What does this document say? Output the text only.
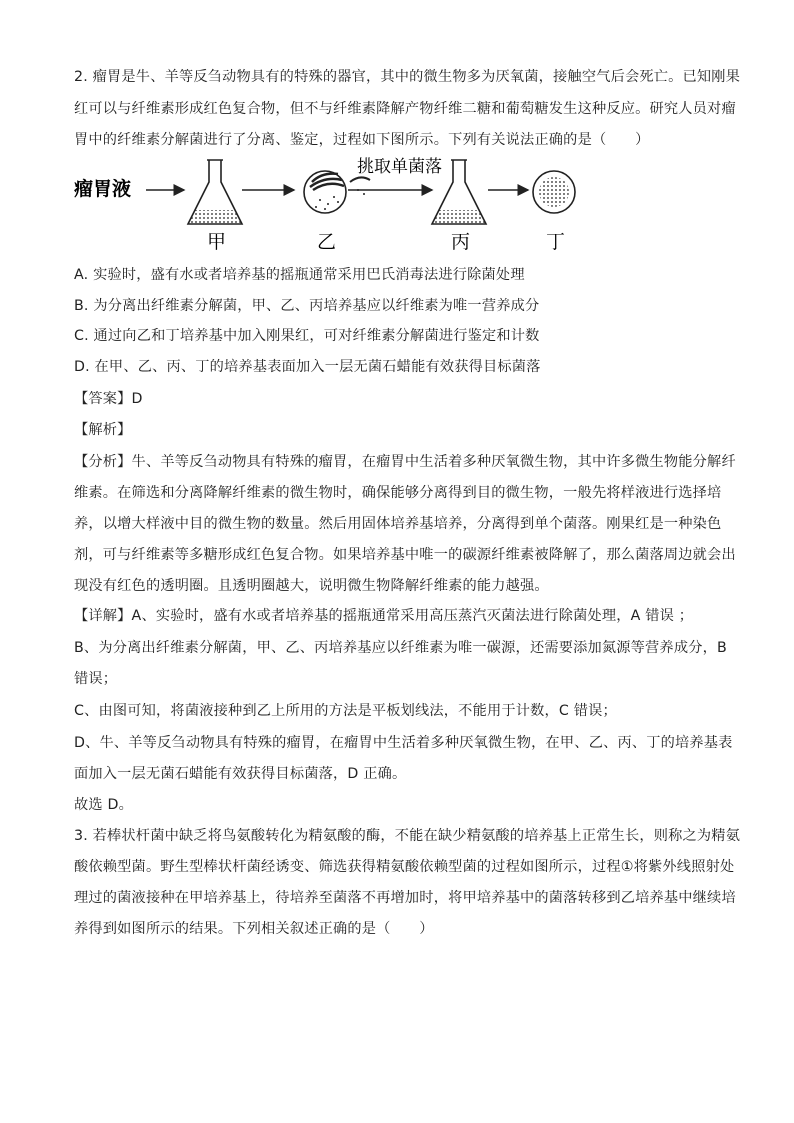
2. 瘤胃是牛、羊等反刍动物具有的特殊的器官，其中的微生物多为厌氧菌，接触空气后会死亡。已知刚果
红可以与纤维素形成红色复合物，但不与纤维素降解产物纤维二糖和葡萄糖发生这种反应。研究人员对瘤
胃中的纤维素分解菌进行了分离、鉴定，过程如下图所示。下列有关说法正确的是（　　）
瘤胃液
甲	乙
挑取单菌落
丙	丁
A. 实验时，盛有水或者培养基的摇瓶通常采用巴氏消毒法进行除菌处理
B. 为分离出纤维素分解菌，甲、乙、丙培养基应以纤维素为唯一营养成分
C. 通过向乙和丁培养基中加入刚果红，可对纤维素分解菌进行鉴定和计数
D. 在甲、乙、丙、丁的培养基表面加入一层无菌石蜡能有效获得目标菌落
【答案】D
【解析】
【分析】牛、羊等反刍动物具有特殊的瘤胃，在瘤胃中生活着多种厌氧微生物，其中许多微生物能分解纤
维素。在筛选和分离降解纤维素的微生物时，确保能够分离得到目的微生物，一般先将样液进行选择培
养，以增大样液中目的微生物的数量。然后用固体培养基培养，分离得到单个菌落。刚果红是一种染色
剂，可与纤维素等多糖形成红色复合物。如果培养基中唯一的碳源纤维素被降解了，那么菌落周边就会出
现没有红色的透明圈。且透明圈越大，说明微生物降解纤维素的能力越强。
【详解】A、实验时，盛有水或者培养基的摇瓶通常采用高压蒸汽灭菌法进行除菌处理，A 错误 ；
B、为分离出纤维素分解菌，甲、乙、丙培养基应以纤维素为唯一碳源，还需要添加氮源等营养成分，B
错误；
C、由图可知，将菌液接种到乙上所用的方法是平板划线法，不能用于计数，C 错误；
D、牛、羊等反刍动物具有特殊的瘤胃，在瘤胃中生活着多种厌氧微生物，在甲、乙、丙、丁的培养基表
面加入一层无菌石蜡能有效获得目标菌落，D 正确。
故选 D。
3. 若棒状杆菌中缺乏将鸟氨酸转化为精氨酸的酶，不能在缺少精氨酸的培养基上正常生长，则称之为精氨
酸依赖型菌。野生型棒状杆菌经诱变、筛选获得精氨酸依赖型菌的过程如图所示，过程①将紫外线照射处
理过的菌液接种在甲培养基上，待培养至菌落不再增加时，将甲培养基中的菌落转移到乙培养基中继续培
养得到如图所示的结果。下列相关叙述正确的是（　　）
